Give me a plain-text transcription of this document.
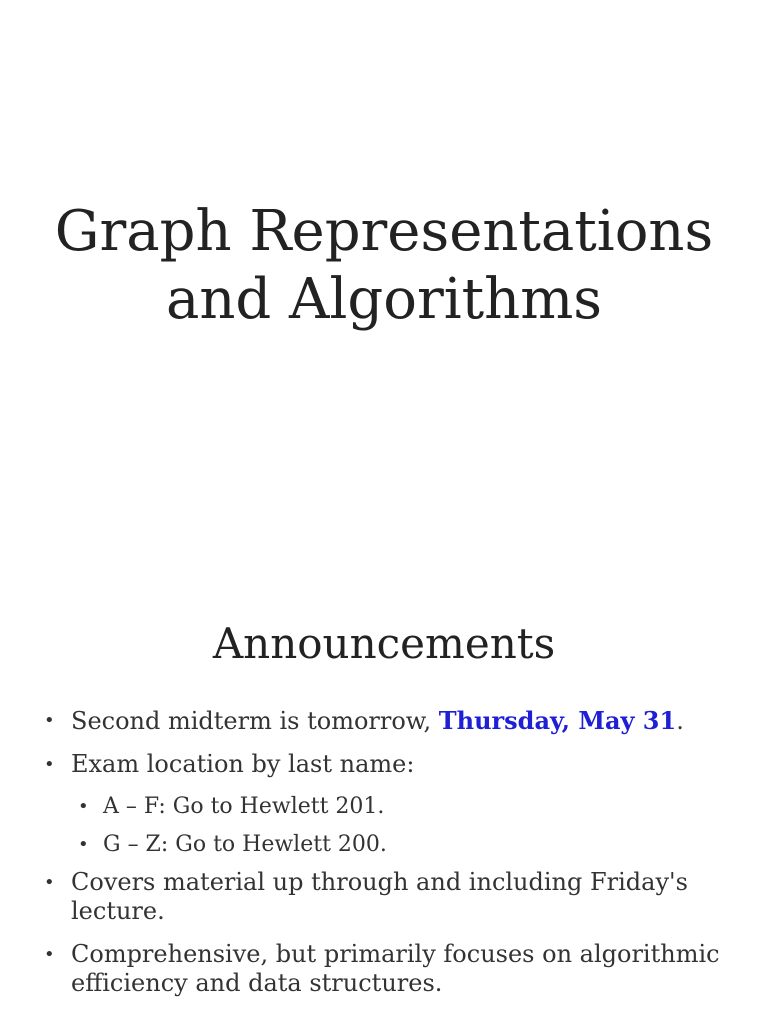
Graph Representations
and Algorithms
Announcements
• Second midterm is tomorrow, Thursday, May 31.
• Exam location by last name:
• A – F: Go to Hewlett 201.
• G – Z: Go to Hewlett 200.
• Covers material up through and including Friday's lecture.
• Comprehensive, but primarily focuses on algorithmic efficiency and data structures.
